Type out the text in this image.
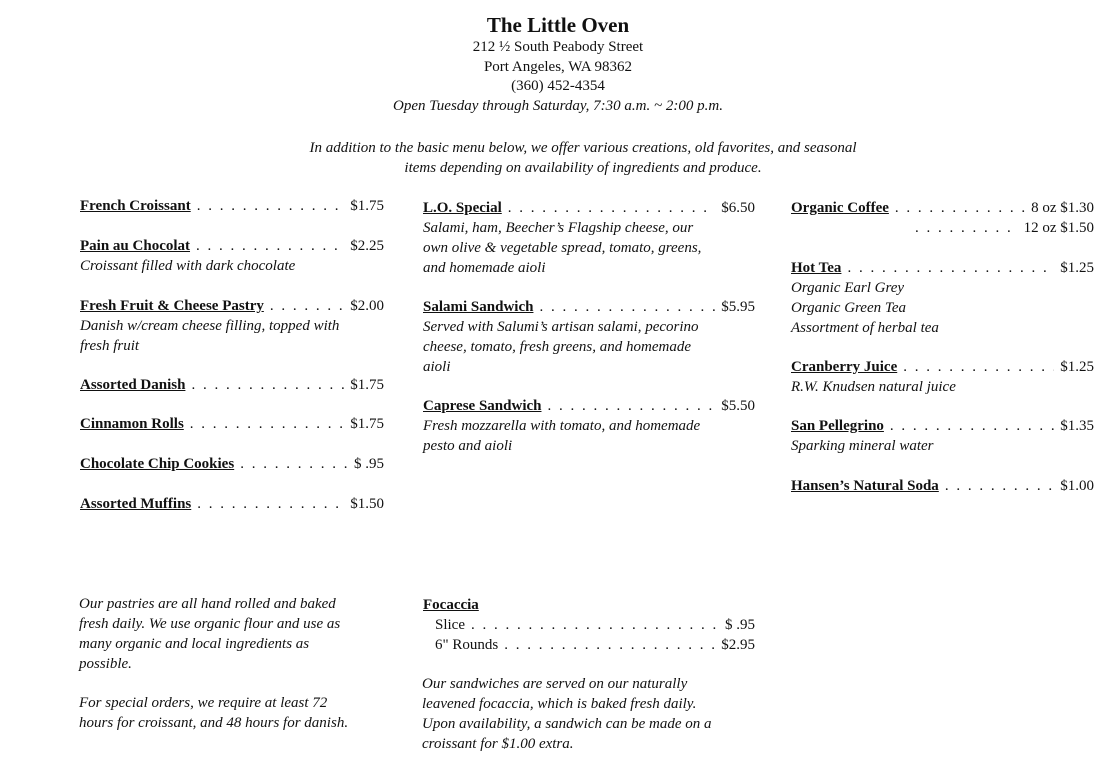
The Little Oven
212 ½ South Peabody Street
Port Angeles, WA 98362
(360) 452-4354
Open Tuesday through Saturday, 7:30 a.m. ~ 2:00 p.m.
In addition to the basic menu below, we offer various creations, old favorites, and seasonal
items depending on availability of ingredients and produce.
French Croissant . . .	$1.75
Pain au Chocolat . . .	$2.25
Croissant filled with dark chocolate
Fresh Fruit & Cheese Pastry . . .	$2.00
Danish w/cream cheese filling, topped with
fresh fruit
Assorted Danish . . .	$1.75
Cinnamon Rolls . . .	$1.75
Chocolate Chip Cookies . . .	$ .95
Assorted Muffins . . .	$1.50
L.O. Special . . .	$6.50
Salami, ham, Beecher’s Flagship cheese, our
own olive & vegetable spread, tomato, greens,
and homemade aioli
Salami Sandwich . . .	$5.95
Served with Salumi’s artisan salami, pecorino
cheese, tomato, fresh greens, and homemade
aioli
Caprese Sandwich . . .	$5.50
Fresh mozzarella with tomato, and homemade
pesto and aioli
Organic Coffee . . .	8 oz $1.30
. . .
12 oz $1.50
Hot Tea . . .	$1.25
Organic Earl Grey
Organic Green Tea
Assortment of herbal tea
Cranberry Juice . . .	$1.25
R.W. Knudsen natural juice
San Pellegrino . . .	$1.35
Sparking mineral water
Hansen’s Natural Soda . . .	$1.00
Focaccia
Slice . . .	$ .95
6" Rounds . . .	$2.95
Our pastries are all hand rolled and baked
fresh daily. We use organic flour and use as
many organic and local ingredients as
possible.
For special orders, we require at least 72
hours for croissant, and 48 hours for danish.
Our sandwiches are served on our naturally
leavened focaccia, which is baked fresh daily.
Upon availability, a sandwich can be made on a
croissant for $1.00 extra.
